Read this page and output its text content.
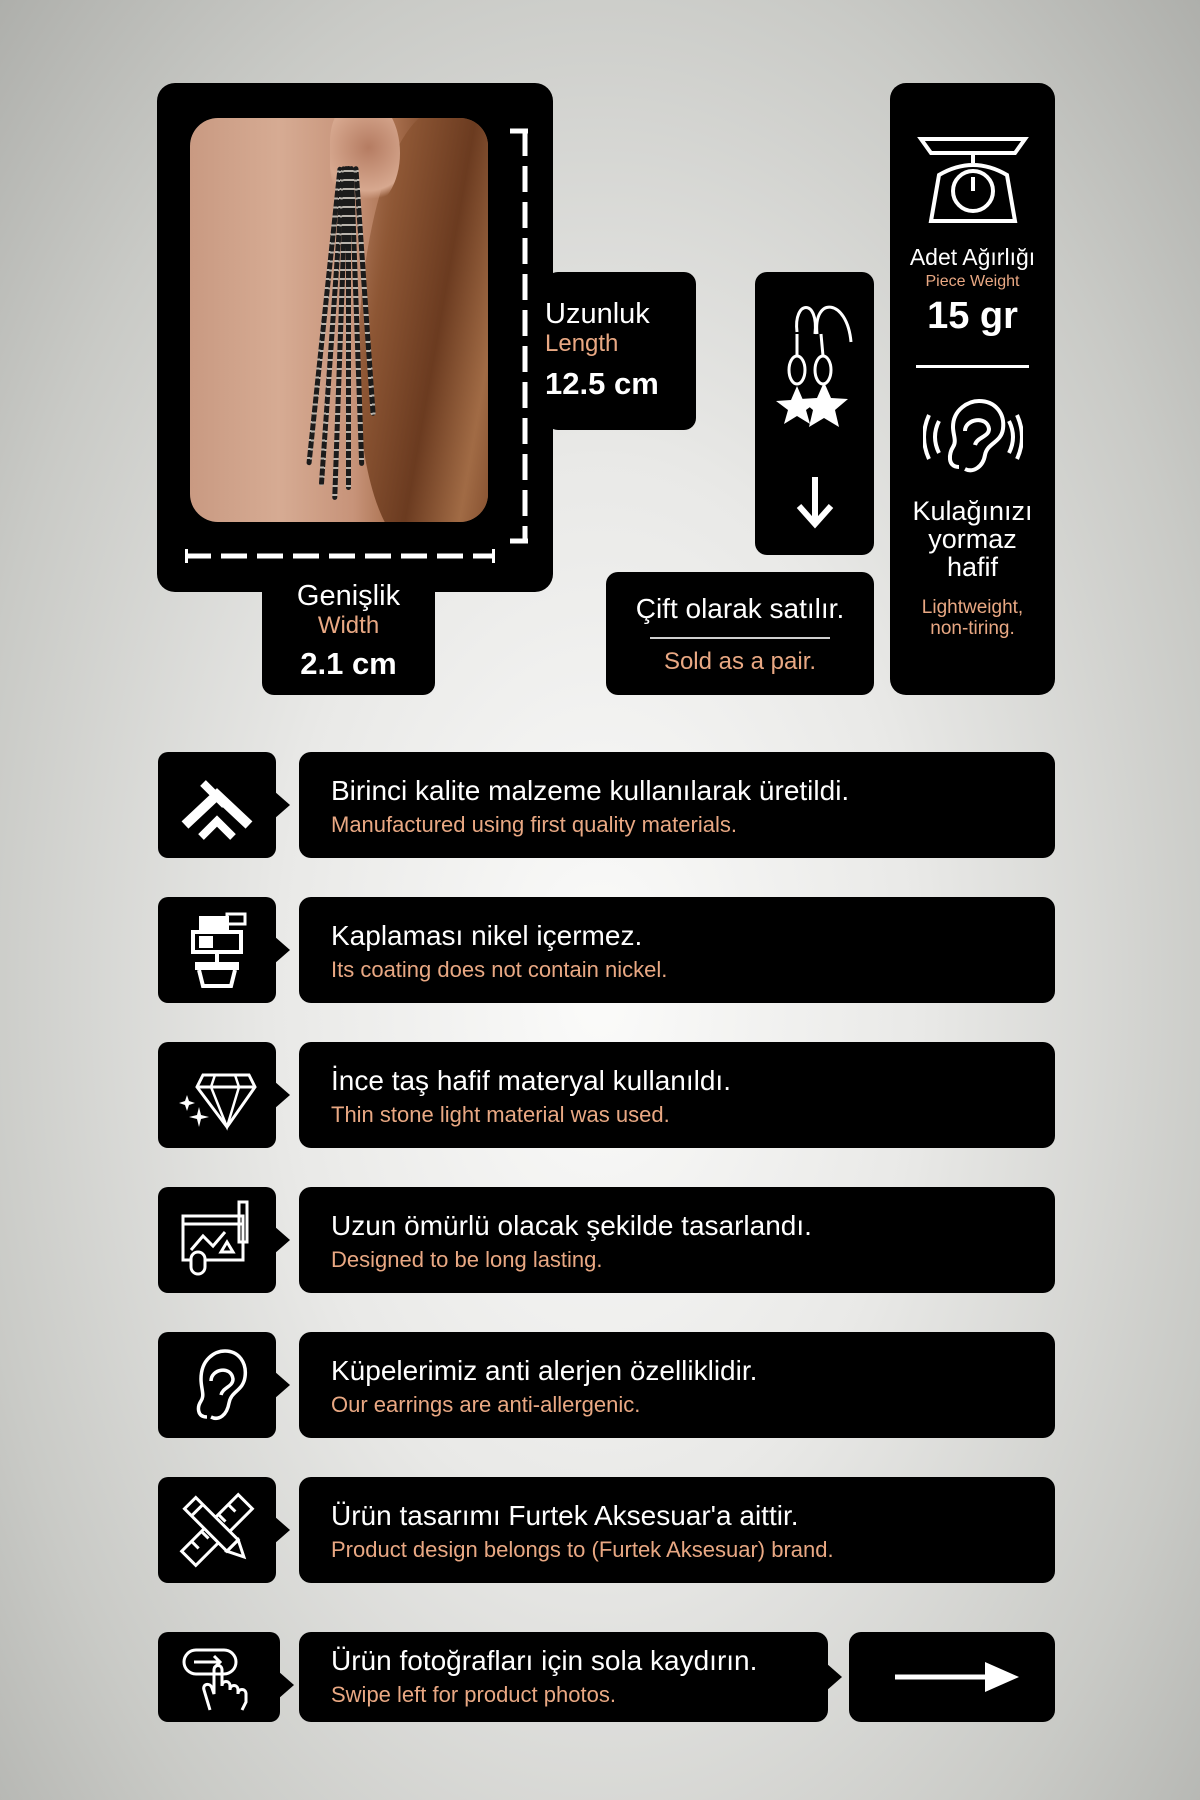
Uzunluk
Length
12.5 cm
Genişlik
Width
2.1 cm
Çift olarak satılır.
Sold as a pair.
Adet Ağırlığı
Piece Weight
15 gr
Kulağınızı
yormaz
hafif
Lightweight,
non-tiring.
Birinci kalite malzeme kullanılarak üretildi.
Manufactured using first quality materials.
Kaplaması nikel içermez.
Its coating does not contain nickel.
İnce taş hafif materyal kullanıldı.
Thin stone light material was used.
Uzun ömürlü olacak şekilde tasarlandı.
Designed to be long lasting.
Küpelerimiz anti alerjen özelliklidir.
Our earrings are anti-allergenic.
Ürün tasarımı Furtek Aksesuar'a aittir.
Product design belongs to (Furtek Aksesuar) brand.
Ürün fotoğrafları için sola kaydırın.
Swipe left for product photos.
